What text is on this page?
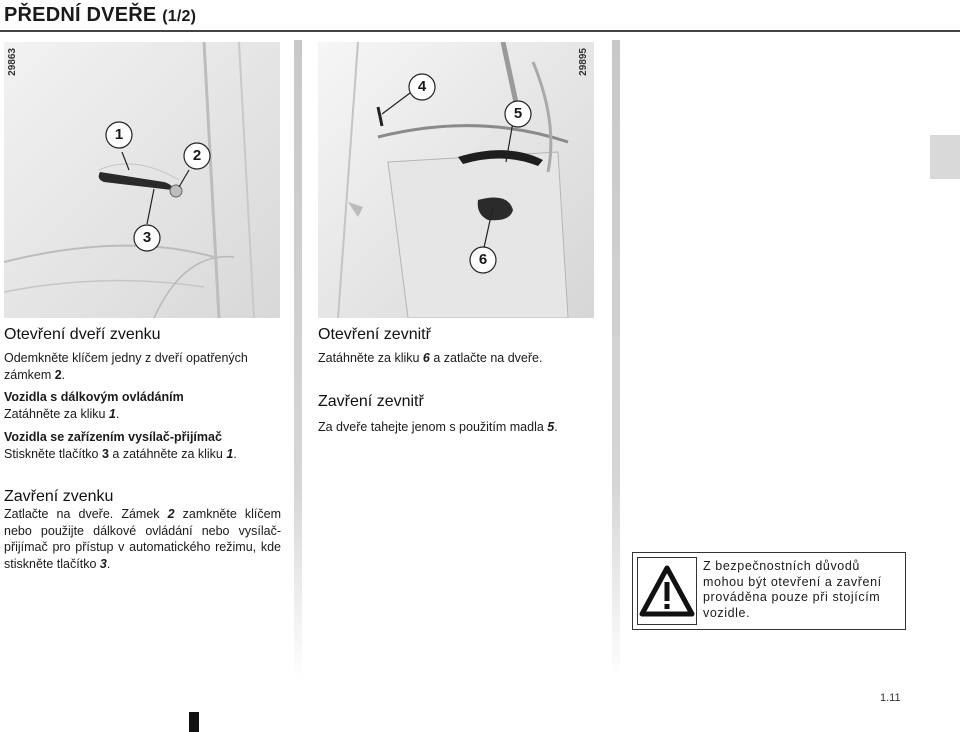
PŘEDNÍ DVEŘE (1/2)
29863
1
2
3
29895
4
5
6
Otevření dveří zvenku
Odemkněte klíčem jedny z dveří opatřených zámkem 2.
Vozidla s dálkovým ovládáním
Zatáhněte za kliku 1.
Vozidla se zařízením vysílač-přijímač
Stiskněte tlačítko 3 a zatáhněte za kliku 1.
Zavření zvenku
Zatlačte na dveře. Zámek 2 zamkněte klíčem nebo použijte dálkové ovládání nebo vysílač-přijímač pro přístup v automatického režimu, kde stiskněte tlačítko 3.
Otevření zevnitř
Zatáhněte za kliku 6 a zatlačte na dveře.
Zavření zevnitř
Za dveře tahejte jenom s použitím madla 5.
Z bezpečnostních důvodů mohou být otevření a zavření prováděna pouze při stojícím vozidle.
1.11
